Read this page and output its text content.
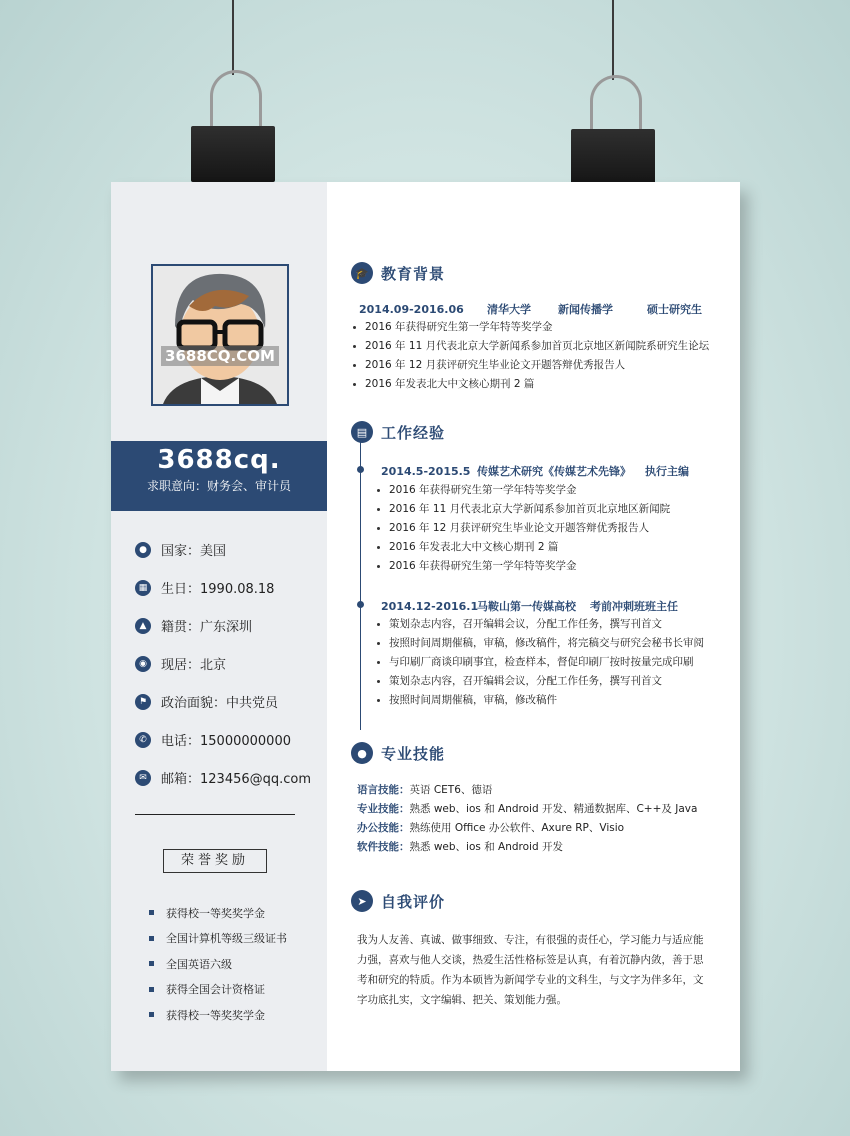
3688CQ.COM
3688cq.
求职意向：财务会、审计员
●	国家：美国
▦ 生日：1990.08.18
▲	籍贯：广东深圳
◉	现居：北京
⚑	政治面貌：中共党员
✆	电话：15000000000
✉	邮箱：123456@qq.com
荣誉奖励
获得校一等奖奖学金
全国计算机等级三级证书
全国英语六级
获得全国会计资格证
获得校一等奖奖学金
🎓 教育背景
2014.09-2016.06 清华大学 新闻传播学	硕士研究生
2016 年获得研究生第一学年特等奖学金
2016 年 11 月代表北京大学新闻系参加首页北京地区新闻院系研究生论坛
2016 年 12 月获评研究生毕业论文开题答辩优秀报告人
2016 年发表北大中文核心期刊 2 篇
▤ 工作经验
2014.5-2015.5 传媒艺术研究《传媒艺术先锋》 执行主编
2016 年获得研究生第一学年特等奖学金
2016 年 11 月代表北京大学新闻系参加首页北京地区新闻院
2016 年 12 月获评研究生毕业论文开题答辩优秀报告人
2016 年发表北大中文核心期刊 2 篇
2016 年获得研究生第一学年特等奖学金
2014.12-2016.1马鞍山第一传媒高校 考前冲刺班班主任
策划杂志内容，召开编辑会议，分配工作任务，撰写刊首文
按照时间周期催稿，审稿，修改稿件，将完稿交与研究会秘书长审阅
与印刷厂商谈印刷事宜，检查样本，督促印刷厂按时按量完成印刷
策划杂志内容，召开编辑会议，分配工作任务，撰写刊首文
按照时间周期催稿，审稿，修改稿件
● 专业技能
语言技能：英语 CET6、德语
专业技能：熟悉 web、ios 和 Android 开发、精通数据库、C++及 Java
办公技能：熟练使用 Office 办公软件、Axure RP、Visio
软件技能：熟悉 web、ios 和 Android 开发
➤ 自我评价
我为人友善、真诚、做事细致、专注，有很强的责任心，学习能力与适应能力强，喜欢与他人交谈，热爱生活性格标签是认真，有着沉静内敛，善于思考和研究的特质。作为本硕皆为新闻学专业的文科生，与文字为伴多年，文字功底扎实，文字编辑、把关、策划能力强。
